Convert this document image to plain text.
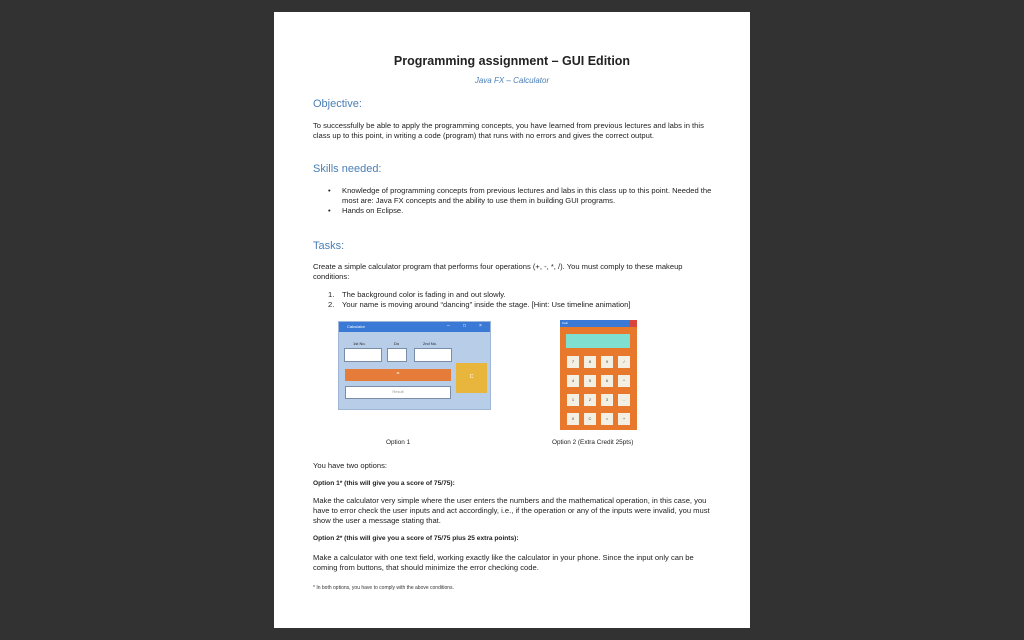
Programming assignment – GUI Edition
Java FX – Calculator
Objective:
To successfully be able to apply the programming concepts, you have learned from previous lectures and labs in this class up to this point, in writing a code (program) that runs with no errors and gives the correct output.
Skills needed:
• Knowledge of programming concepts from previous lectures and labs in this class up to this point. Needed the most are: Java FX concepts and the ability to use them in building GUI programs.
• Hands on Eclipse.
Tasks:
Create a simple calculator program that performs four operations (+, -, *, /). You must comply to these makeup conditions:
1. The background color is fading in and out slowly.
2. Your name is moving around “dancing” inside the stage. [Hint: Use timeline animation]
Calculator	–	□	×
1st No.	Do	2nd No.
=	C
Result
Calc
7	8	9	/
4	5	6	*
1	2	3	-
0	C	=	+
Option 1	Option 2 (Extra Credit 25pts)
You have two options:
Option 1* (this will give you a score of 75/75):
Make the calculator very simple where the user enters the numbers and the mathematical operation, in this case, you have to error check the user inputs and act accordingly, i.e., if the operation or any of the inputs were invalid, you must show the user a message stating that.
Option 2* (this will give you a score of 75/75 plus 25 extra points):
Make a calculator with one text field, working exactly like the calculator in your phone. Since the input only can be coming from buttons, that should minimize the error checking code.
* In both options, you have to comply with the above conditions.
